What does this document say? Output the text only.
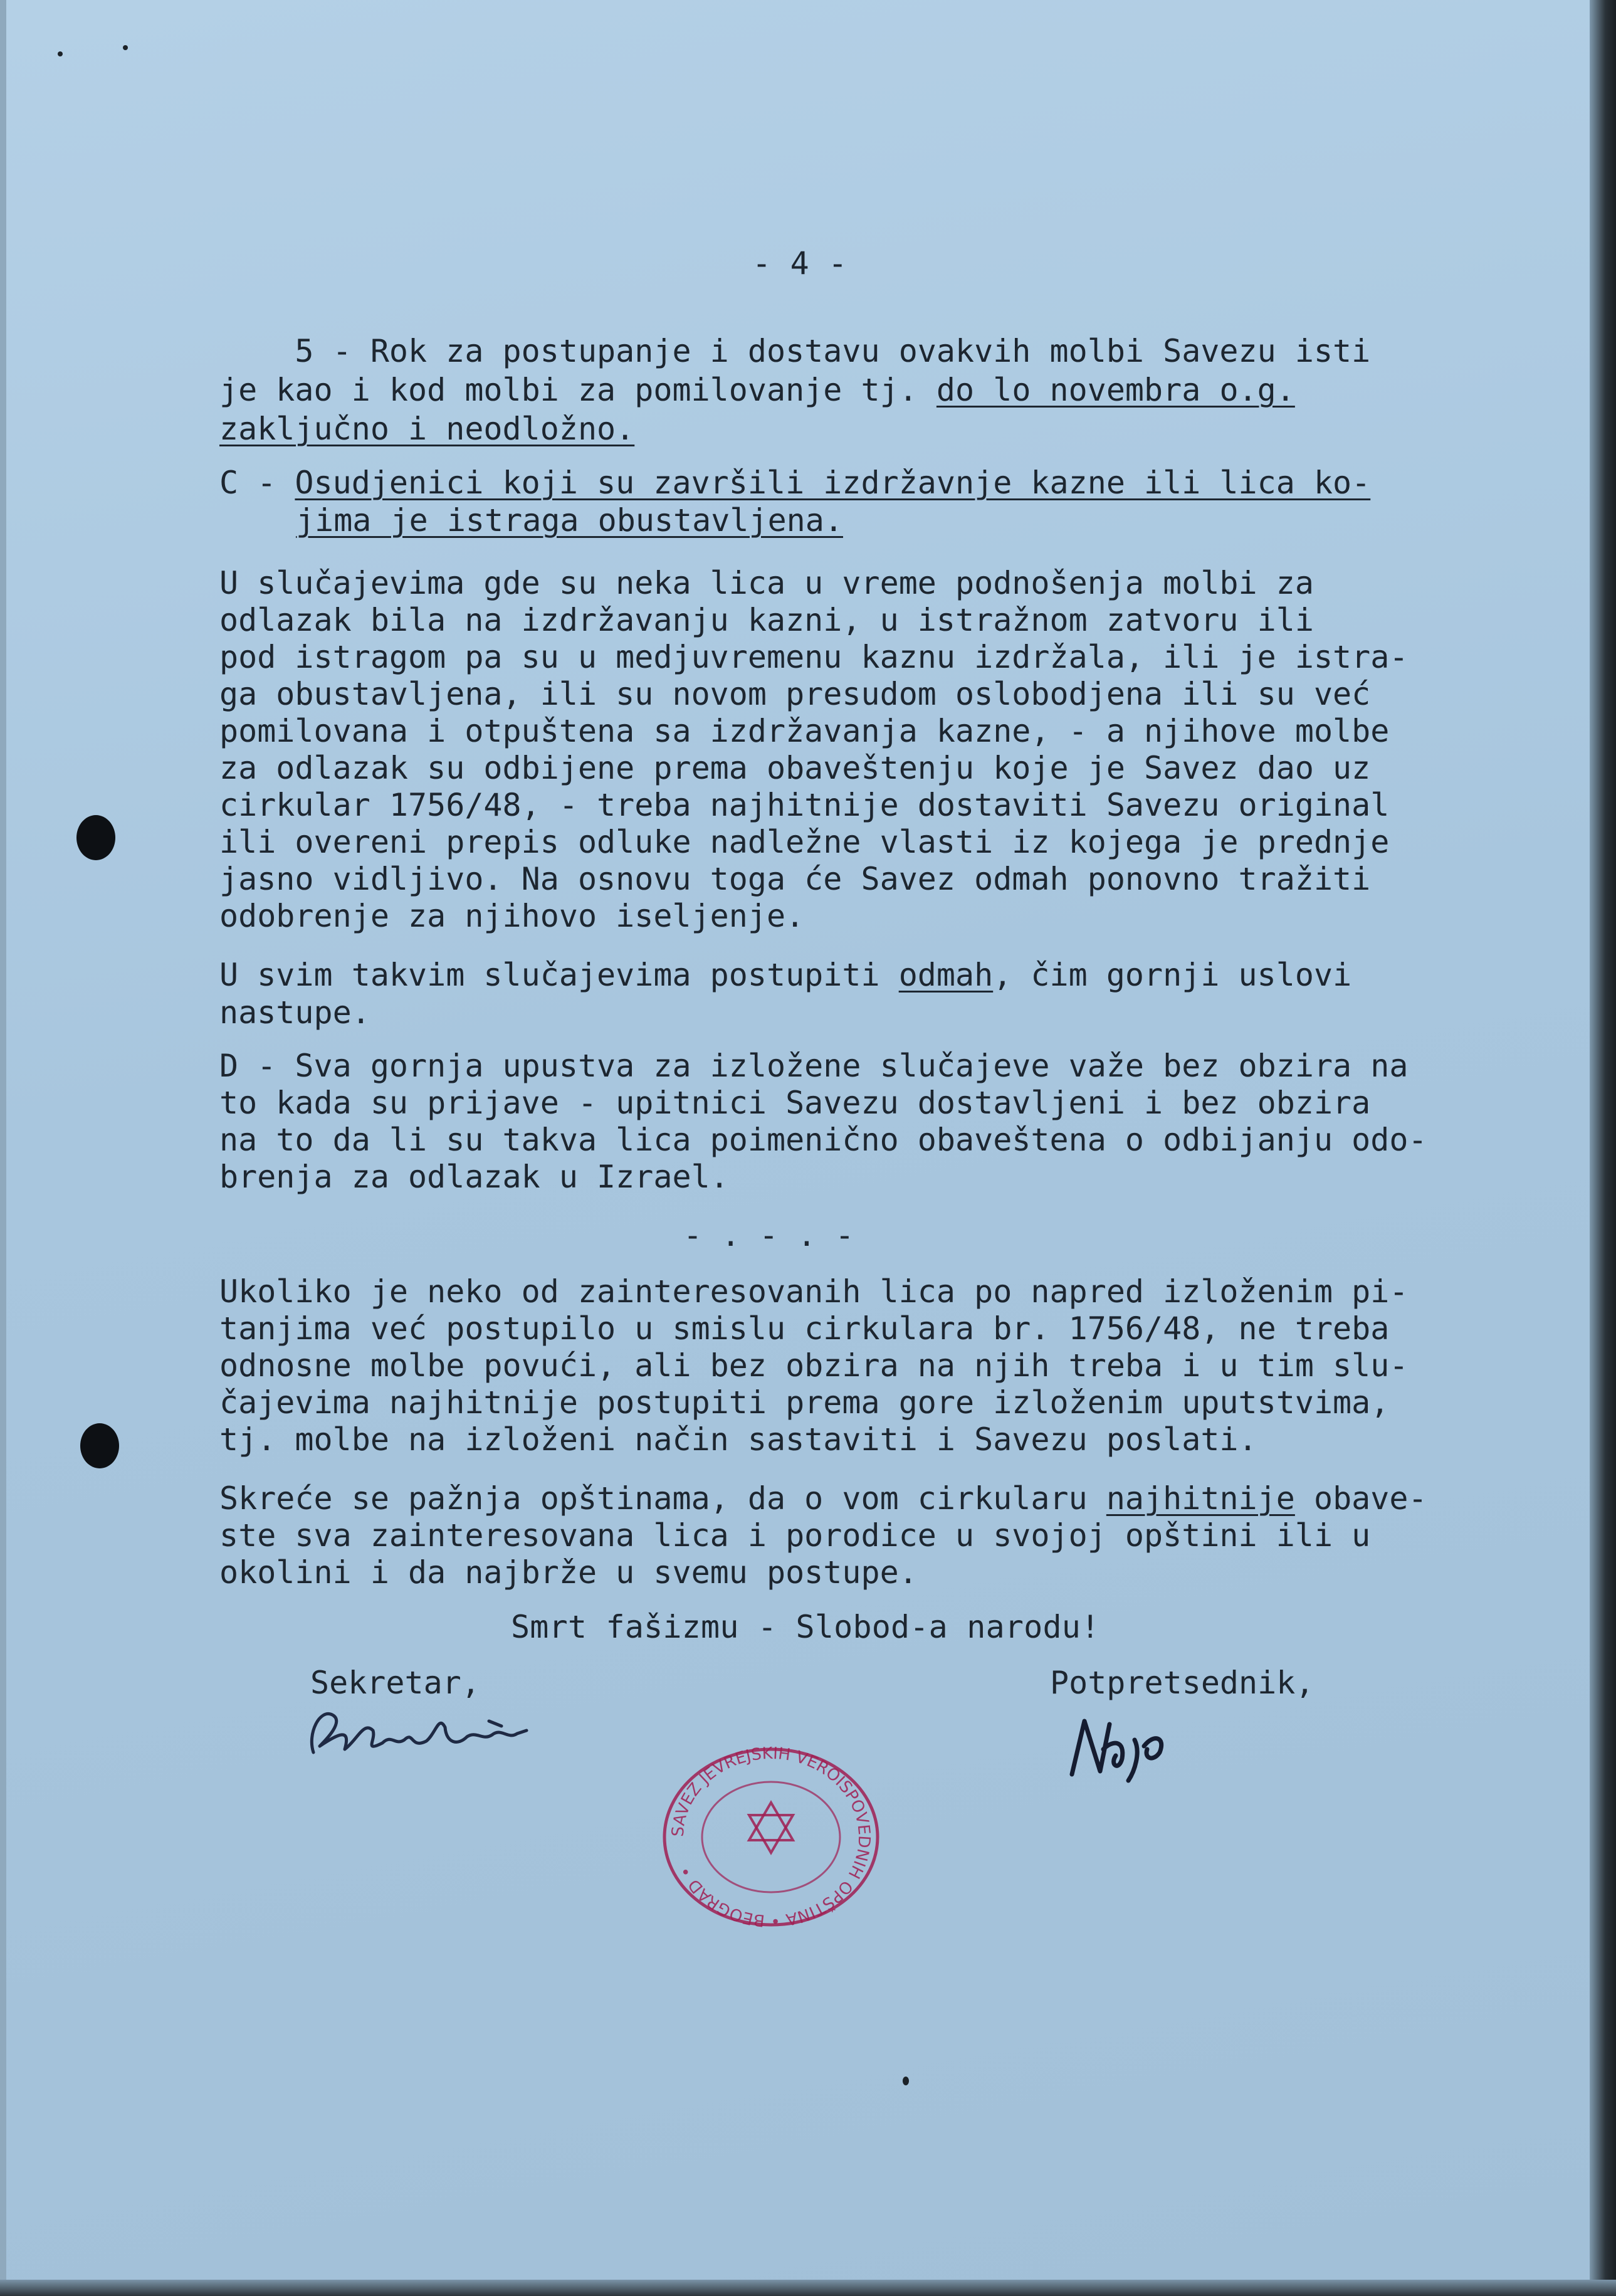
- 4 -
5 - Rok za postupanje i dostavu ovakvih molbi Savezu isti
je kao i kod molbi za pomilovanje tj. do lo novembra o.g.
zaključno i neodložno.
C - Osudjenici koji su završili izdržavnje kazne ili lica ko-
jima je istraga obustavljena.
U slučajevima gde su neka lica u vreme podnošenja molbi za
odlazak bila na izdržavanju kazni, u istražnom zatvoru ili
pod istragom pa su u medjuvremenu kaznu izdržala, ili je istra-
ga obustavljena, ili su novom presudom oslobodjena ili su već
pomilovana i otpuštena sa izdržavanja kazne, - a njihove molbe
za odlazak su odbijene prema obaveštenju koje je Savez dao uz
cirkular 1756/48, - treba najhitnije dostaviti Savezu original
ili overeni prepis odluke nadležne vlasti iz kojega je prednje
jasno vidljivo. Na osnovu toga će Savez odmah ponovno tražiti
odobrenje za njihovo iseljenje.
U svim takvim slučajevima postupiti odmah, čim gornji uslovi
nastupe.
D - Sva gornja upustva za izložene slučajeve važe bez obzira na
to kada su prijave - upitnici Savezu dostavljeni i bez obzira
na to da li su takva lica poimenično obaveštena o odbijanju odo-
brenja za odlazak u Izrael.
- . - . -
Ukoliko je neko od zainteresovanih lica po napred izloženim pi-
tanjima već postupilo u smislu cirkulara br. 1756/48, ne treba
odnosne molbe povući, ali bez obzira na njih treba i u tim slu-
čajevima najhitnije postupiti prema gore izloženim uputstvima,
tj. molbe na izloženi način sastaviti i Savezu poslati.
Skreće se pažnja opštinama, da o vom cirkularu najhitnije obave-
ste sva zainteresovana lica i porodice u svojoj opštini ili u
okolini i da najbrže u svemu postupe.
Smrt fašizmu - Slobod-a narodu!
Sekretar,	Potpretsednik,
SAVEZ JEVREJSKIH VEROISPOVEDNIH OPŠTINA • BEOGRAD •
